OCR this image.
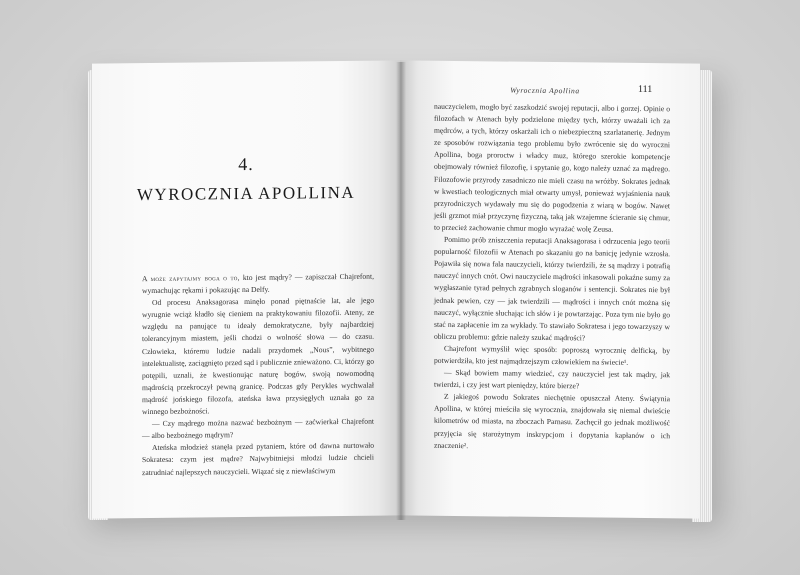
4.
WYROCZNIA APOLLINA

A może zapytajmy boga o to, kto jest mądry? — zapiszczał Chajrefont, wymachując rękami i pokazując na Delfy.

Od procesu Anaksagorasa minęło ponad piętnaście lat, ale jego wyrugnie wciąż kładło się cieniem na praktykowaniu filozofii. Ateny, ze względu na panujące tu ideały demokratyczne, były najbardziej tolerancyjnym miastem, jeśli chodzi o wolność słowa — do czasu. Człowieka, któremu ludzie nadali przydomek „Nous”, wybitnego intelektualistę, zaciągnięto przed sąd i publicznie znieważono. Ci, którzy go potępili, uznali, że kwestionując naturę bogów, swoją nowomodną mądrością przekroczył pewną granicę. Podczas gdy Perykles wychwalał mądrość jońskiego filozofa, ateńska ława przysięgłych uznała go za winnego bezbożności.

— Czy mądrego można nazwać bezbożnym — zaćwierkał Chajrefont — albo bezbożnego mądrym?

Ateńska młodzież stanęła przed pytaniem, które od dawna nurtowało Sokratesa: czym jest mądre? Najwybitniejsi młodzi ludzie chcieli zatrudniać najlepszych nauczycieli. Wiązać się z niewłaściwym

Wyrocznia Apollina	111

nauczycielem, mogło być zaszkodzić swojej reputacji, albo i gorzej. Opinie o filozofach w Atenach były podzielone między tych, którzy uważali ich za mędrców, a tych, którzy oskarżali ich o niebezpieczną szarlatanerię. Jednym ze sposobów rozwiązania tego problemu było zwrócenie się do wyroczni Apollina, boga proroctw i władcy muz, którego szerokie kompetencje obejmowały również filozofię, i spytanie go, kogo należy uznać za mądrego. Filozofowie przyrody zasadniczo nie mieli czasu na wróżby. Sokrates jednak w kwestiach teologicznych miał otwarty umysł, ponieważ wyjaśnienia nauk przyrodniczych wydawały mu się do pogodzenia z wiarą w bogów. Nawet jeśli grzmot miał przyczynę fizyczną, taką jak wzajemne ścieranie się chmur, to przecież zachowanie chmur mogło wyrażać wolę Zeusa.

Pomimo prób zniszczenia reputacji Anaksagorasa i odrzucenia jego teorii popularność filozofii w Atenach po skazaniu go na banicję jedynie wzrosła. Pojawiła się nowa fala nauczycieli, którzy twierdzili, że są mądrzy i potrafią nauczyć innych cnót. Owi nauczyciele mądrości inkasowali pokaźne sumy za wygłaszanie tyrad pełnych zgrabnych sloganów i sentencji. Sokrates nie był jednak pewien, czy — jak twierdzili — mądrości i innych cnót można się nauczyć, wyłącznie słuchając ich słów i je powtarzając. Poza tym nie było go stać na zapłacenie im za wykłady. To stawiało Sokratesa i jego towarzyszy w obliczu problemu: gdzie należy szukać mądrości?

Chajrefont wymyślił więc sposób: poproszą wyrocznię delficką, by potwierdziła, kto jest najmądrzejszym człowiekiem na świecie¹.

— Skąd bowiem mamy wiedzieć, czy nauczyciel jest tak mądry, jak twierdzi, i czy jest wart pieniędzy, które bierze?

Z jakiegoś powodu Sokrates niechętnie opuszczał Ateny. Świątynia Apollina, w której mieściła się wyrocznia, znajdowała się niemal dwieście kilometrów od miasta, na zboczach Parnasu. Zachęcił go jednak możliwość przyjęcia się starożytnym inskrypcjom i dopytania kapłanów o ich znaczenie².
